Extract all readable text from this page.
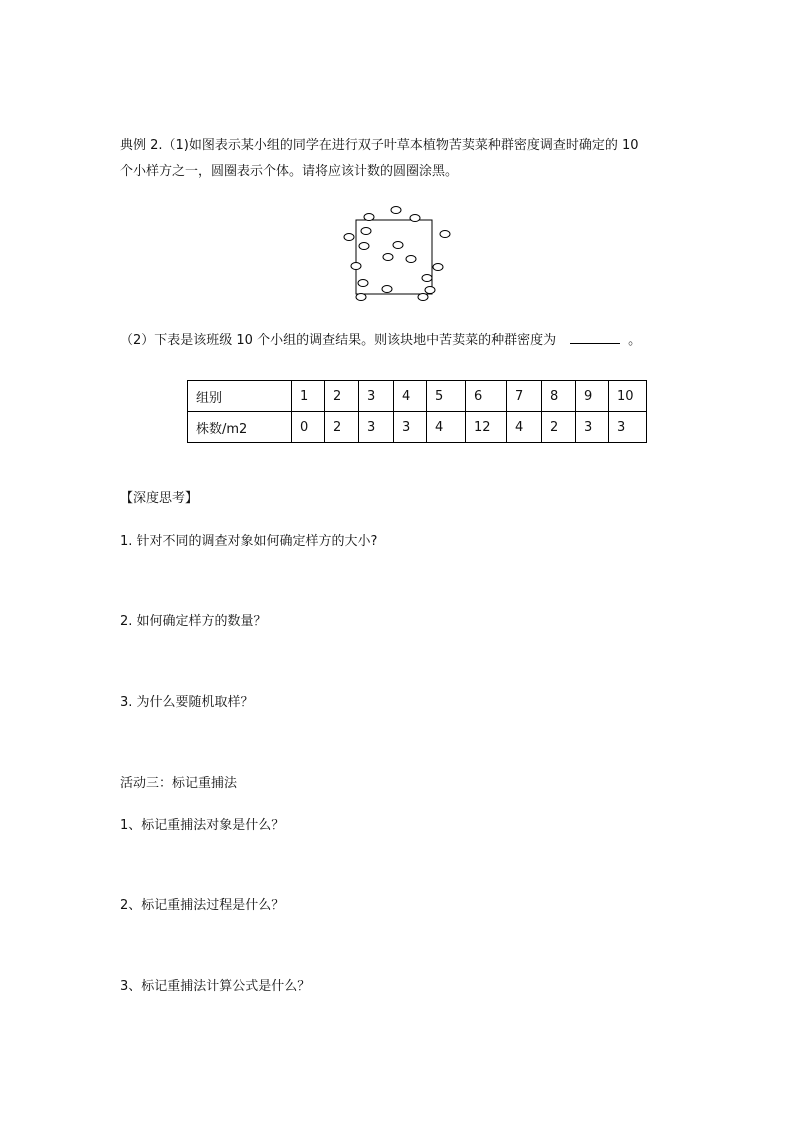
典例 2.（1)如图表示某小组的同学在进行双子叶草本植物苦荬菜种群密度调查时确定的 10
个小样方之一，圆圈表示个体。请将应该计数的圆圈涂黑。
（2）下表是该班级 10 个小组的调查结果。则该块地中苦荬菜的种群密度为	。
组别	1	2	3	4	5	6	7	8	9	10
株数/m2	0	2	3	3	4	12	4	2	3	3
【深度思考】
1. 针对不同的调查对象如何确定样方的大小?
2. 如何确定样方的数量？
3. 为什么要随机取样？
活动三：标记重捕法
1、标记重捕法对象是什么？
2、标记重捕法过程是什么？
3、标记重捕法计算公式是什么？
